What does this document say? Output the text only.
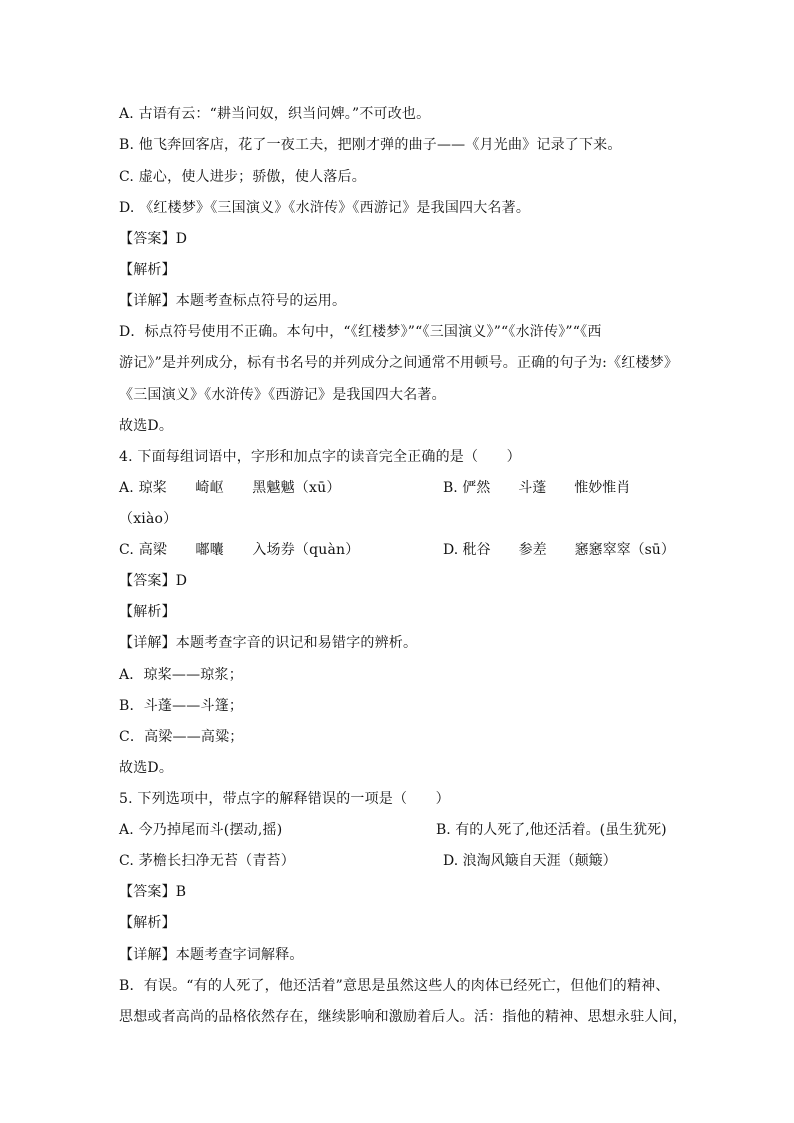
A. 古语有云：“耕当问奴，织当问婢。”不可改也。
B. 他飞奔回客店，花了一夜工夫，把刚才弹的曲子——《月光曲》记录了下来。
C. 虚心，使人进步；骄傲，使人落后。
D. 《红楼梦》《三国演义》《水浒传》《西游记》是我国四大名著。
【答案】D
【解析】
【详解】本题考查标点符号的运用。
D．标点符号使用不正确。本句中，“《红楼梦》”“《三国演义》”“《水浒传》”“《西
游记》”是并列成分，标有书名号的并列成分之间通常不用顿号。正确的句子为:《红楼梦》
《三国演义》《水浒传》《西游记》是我国四大名著。
故选D。
4. 下面每组词语中，字形和加点字的读音完全正确的是（　　）
A. 琼桨　　崎岖　　黑魆魆（xū）	B. 俨然　　斗蓬　　惟妙惟肖
（xiào）
C. 高梁　　嘟囔　　入场券（quàn）	D. 秕谷　　参差　　窸窸窣窣（sū）
【答案】D
【解析】
【详解】本题考查字音的识记和易错字的辨析。
A．琼桨——琼浆；
B．斗蓬——斗篷；
C．高梁——高粱；
故选D。
5. 下列选项中，带点字的解释错误的一项是（　　）
A. 今乃掉尾而斗(摆动,摇)	B. 有的人死了,他还活着。(虽生犹死)
C. 茅檐长扫净无苔（青苔）	D. 浪淘风簸自天涯（颠簸）
【答案】B
【解析】
【详解】本题考查字词解释。
B．有误。“有的人死了，他还活着”意思是虽然这些人的肉体已经死亡，但他们的精神、
思想或者高尚的品格依然存在，继续影响和激励着后人。活：指他的精神、思想永驻人间，
